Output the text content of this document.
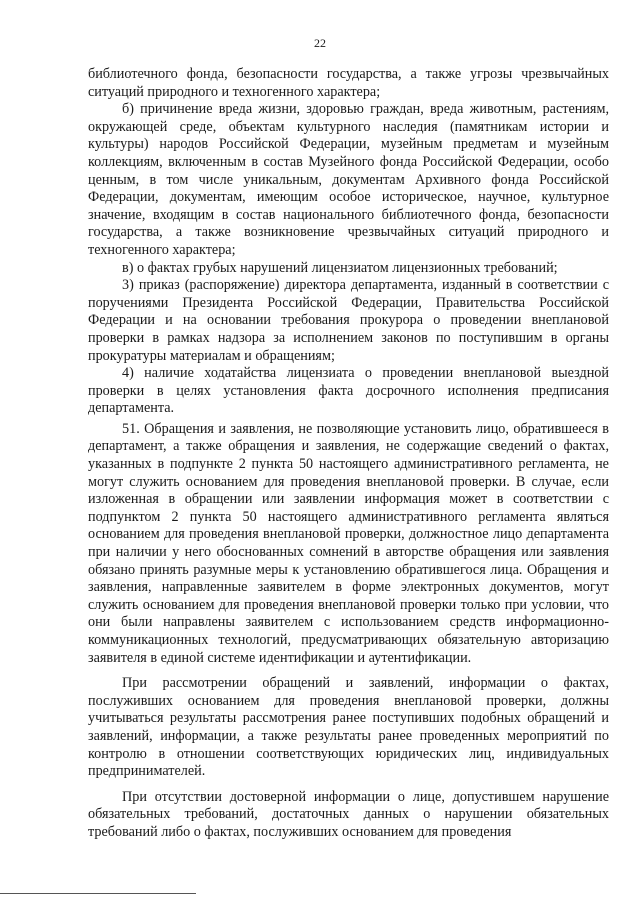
22

библиотечного фонда, безопасности государства, а также угрозы чрезвычайных ситуаций природного и техногенного характера;

б) причинение вреда жизни, здоровью граждан, вреда животным, растениям, окружающей среде, объектам культурного наследия (памятникам истории и культуры) народов Российской Федерации, музейным предметам и музейным коллекциям, включенным в состав Музейного фонда Российской Федерации, особо ценным, в том числе уникальным, документам Архивного фонда Российской Федерации, документам, имеющим особое историческое, научное, культурное значение, входящим в состав национального библиотечного фонда, безопасности государства, а также возникновение чрезвычайных ситуаций природного и техногенного характера;

в) о фактах грубых нарушений лицензиатом лицензионных требований;

3) приказ (распоряжение) директора департамента, изданный в соответствии с поручениями Президента Российской Федерации, Правительства Российской Федерации и на основании требования прокурора о проведении внеплановой проверки в рамках надзора за исполнением законов по поступившим в органы прокуратуры материалам и обращениям;

4) наличие ходатайства лицензиата о проведении внеплановой выездной проверки в целях установления факта досрочного исполнения предписания департамента.

51. Обращения и заявления, не позволяющие установить лицо, обратившееся в департамент, а также обращения и заявления, не содержащие сведений о фактах, указанных в подпункте 2 пункта 50 настоящего административного регламента, не могут служить основанием для проведения внеплановой проверки. В случае, если изложенная в обращении или заявлении информация может в соответствии с подпунктом 2 пункта 50 настоящего административного регламента являться основанием для проведения внеплановой проверки, должностное лицо департамента при наличии у него обоснованных сомнений в авторстве обращения или заявления обязано принять разумные меры к установлению обратившегося лица. Обращения и заявления, направленные заявителем в форме электронных документов, могут служить основанием для проведения внеплановой проверки только при условии, что они были направлены заявителем с использованием средств информационно-коммуникационных технологий, предусматривающих обязательную авторизацию заявителя в единой системе идентификации и аутентификации.

При рассмотрении обращений и заявлений, информации о фактах, послуживших основанием для проведения внеплановой проверки, должны учитываться результаты рассмотрения ранее поступивших подобных обращений и заявлений, информации, а также результаты ранее проведенных мероприятий по контролю в отношении соответствующих юридических лиц, индивидуальных предпринимателей.

При отсутствии достоверной информации о лице, допустившем нарушение обязательных требований, достаточных данных о нарушении обязательных требований либо о фактах, послуживших основанием для проведения
